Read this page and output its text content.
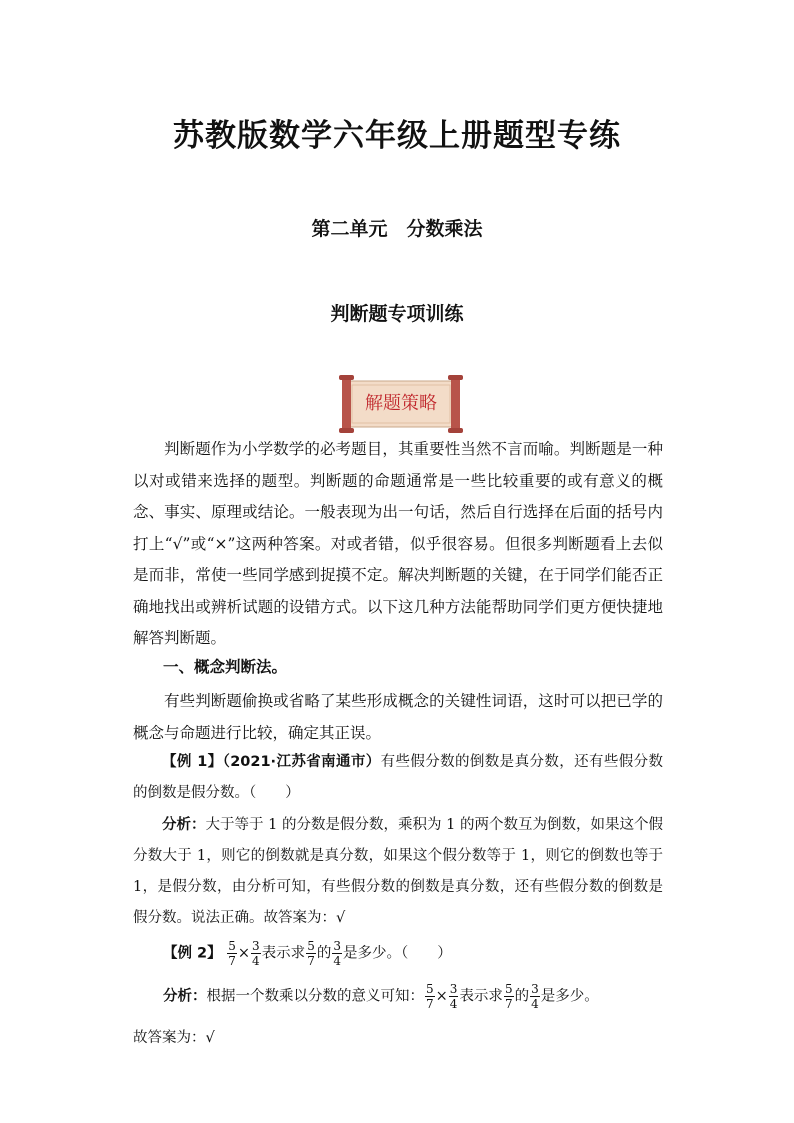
苏教版数学六年级上册题型专练
第二单元　分数乘法
判断题专项训练
解题策略
判断题作为小学数学的必考题目，其重要性当然不言而喻。判断题是一种以对或错来选择的题型。判断题的命题通常是一些比较重要的或有意义的概念、事实、原理或结论。一般表现为出一句话，然后自行选择在后面的括号内打上“√”或“×”这两种答案。对或者错，似乎很容易。但很多判断题看上去似是而非，常使一些同学感到捉摸不定。解决判断题的关键，在于同学们能否正确地找出或辨析试题的设错方式。以下这几种方法能帮助同学们更方便快捷地解答判断题。
一、概念判断法。
有些判断题偷换或省略了某些形成概念的关键性词语，这时可以把已学的概念与命题进行比较，确定其正误。
【例 1】（2021·江苏省南通市）有些假分数的倒数是真分数，还有些假分数的倒数是假分数。（　　）
分析：大于等于 1 的分数是假分数，乘积为 1 的两个数互为倒数，如果这个假分数大于 1，则它的倒数就是真分数，如果这个假分数等于 1，则它的倒数也等于 1，是假分数，由分析可知，有些假分数的倒数是真分数，还有些假分数的倒数是假分数。说法正确。故答案为：√
【例 2】 $\frac{5}{7} \times \frac{3}{4}$ 表示求 $\frac{5}{7}$ 的 $\frac{3}{4}$ 是多少。（　　）
分析：根据一个数乘以分数的意义可知： $\frac{5}{7} \times \frac{3}{4}$ 表示求 $\frac{5}{7}$ 的 $\frac{3}{4}$ 是多少。
故答案为：√
